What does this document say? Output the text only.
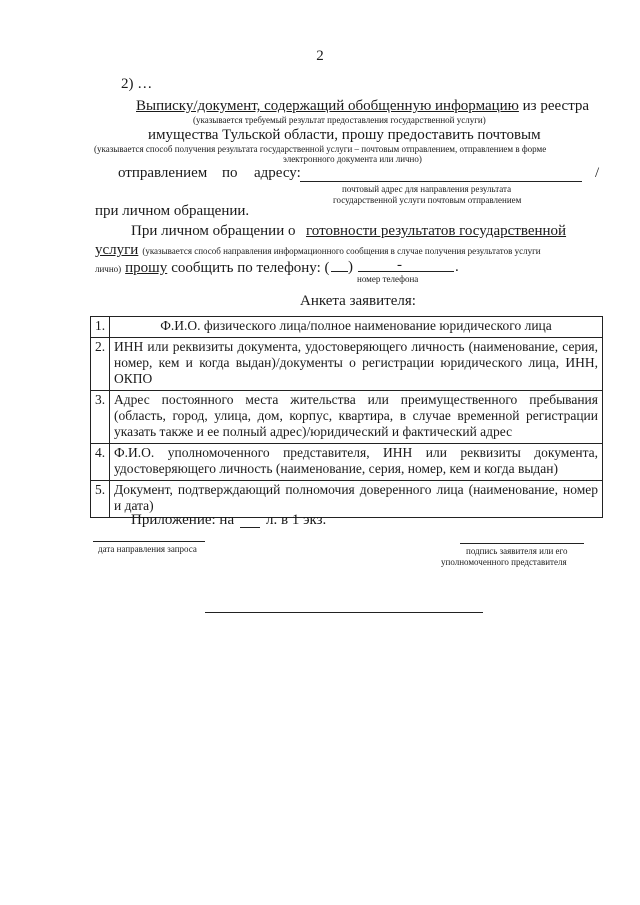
2
2) …
Выписку/документ, содержащий обобщенную информацию из реестра
(указывается требуемый результат предоставления государственной услуги)
имущества Тульской области, прошу предоставить почтовым
(указывается способ получения результата государственной услуги – почтовым отправлением, отправлением в форме
электронного документа или лично)
отправлением по адресу:	/
почтовый адрес для направления результата
государственной услуги почтовым отправлением
при личном обращении.
При личном обращении о готовности результатов государственной
услуги (указывается способ направления информационного сообщения в случае получения результатов услуги
лично) прошу сообщить по телефону: ( )	-	.
номер телефона
Анкета заявителя:
1.	Ф.И.О. физического лица/полное наименование юридического лица
2.	ИНН или реквизиты документа, удостоверяющего личность (наименование, серия, номер, кем и когда выдан)/документы о регистрации юридического лица, ИНН, ОКПО
3.	Адрес постоянного места жительства или преимущественного пребывания (область, город, улица, дом, корпус, квартира, в случае временной регистрации указать также и ее полный адрес)/юридический и фактический адрес
4.	Ф.И.О. уполномоченного представителя, ИНН или реквизиты документа, удостоверяющего личность (наименование, серия, номер, кем и когда выдан)
5.	Документ, подтверждающий полномочия доверенного лица (наименование, номер и дата)
Приложение: на л. в 1 экз.
дата направления запроса	подпись заявителя или его
уполномоченного представителя
